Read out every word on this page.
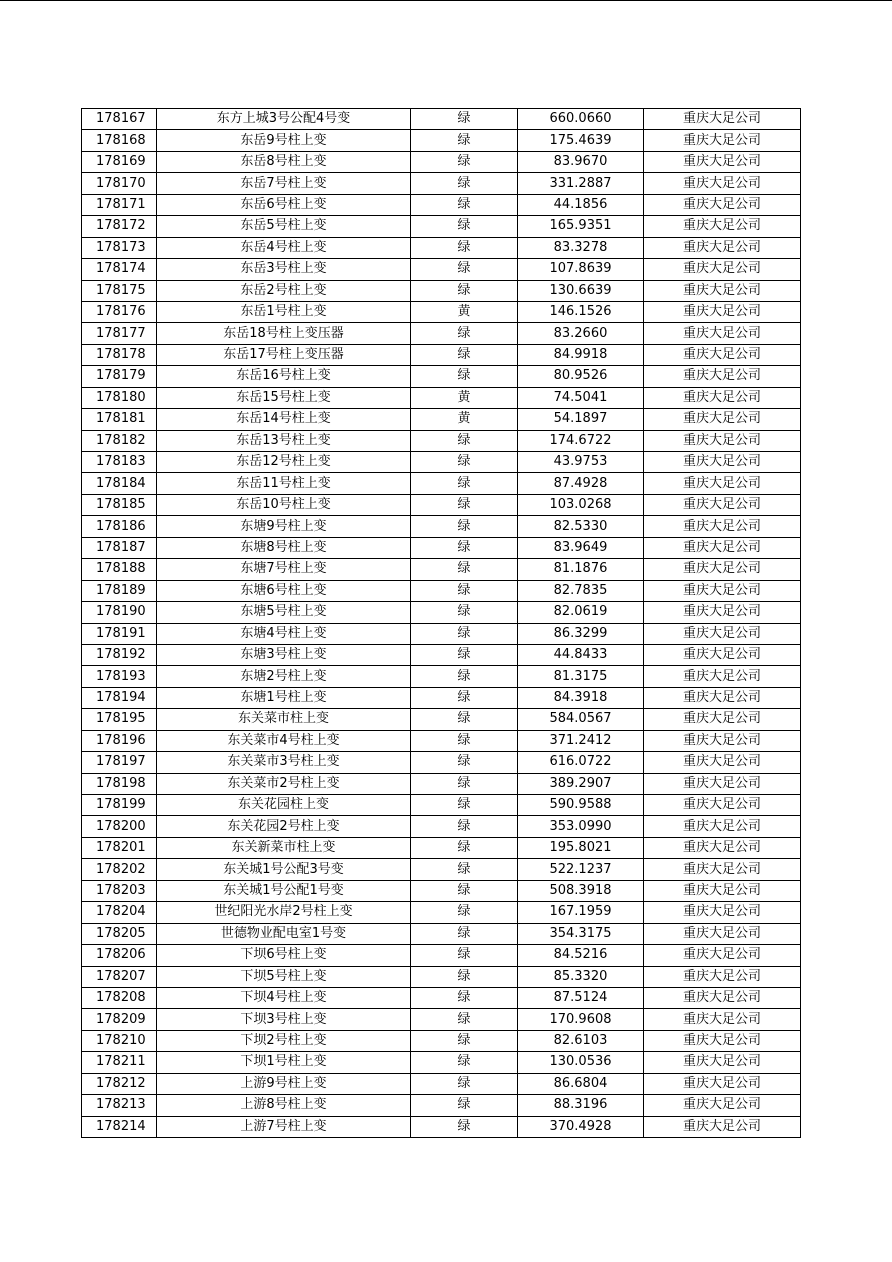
178167	东方上城3号公配4号变	绿	660.0660	重庆大足公司
178168	东岳9号柱上变	绿	175.4639	重庆大足公司
178169	东岳8号柱上变	绿	83.9670	重庆大足公司
178170	东岳7号柱上变	绿	331.2887	重庆大足公司
178171	东岳6号柱上变	绿	44.1856	重庆大足公司
178172	东岳5号柱上变	绿	165.9351	重庆大足公司
178173	东岳4号柱上变	绿	83.3278	重庆大足公司
178174	东岳3号柱上变	绿	107.8639	重庆大足公司
178175	东岳2号柱上变	绿	130.6639	重庆大足公司
178176	东岳1号柱上变	黄	146.1526	重庆大足公司
178177	东岳18号柱上变压器	绿	83.2660	重庆大足公司
178178	东岳17号柱上变压器	绿	84.9918	重庆大足公司
178179	东岳16号柱上变	绿	80.9526	重庆大足公司
178180	东岳15号柱上变	黄	74.5041	重庆大足公司
178181	东岳14号柱上变	黄	54.1897	重庆大足公司
178182	东岳13号柱上变	绿	174.6722	重庆大足公司
178183	东岳12号柱上变	绿	43.9753	重庆大足公司
178184	东岳11号柱上变	绿	87.4928	重庆大足公司
178185	东岳10号柱上变	绿	103.0268	重庆大足公司
178186	东塘9号柱上变	绿	82.5330	重庆大足公司
178187	东塘8号柱上变	绿	83.9649	重庆大足公司
178188	东塘7号柱上变	绿	81.1876	重庆大足公司
178189	东塘6号柱上变	绿	82.7835	重庆大足公司
178190	东塘5号柱上变	绿	82.0619	重庆大足公司
178191	东塘4号柱上变	绿	86.3299	重庆大足公司
178192	东塘3号柱上变	绿	44.8433	重庆大足公司
178193	东塘2号柱上变	绿	81.3175	重庆大足公司
178194	东塘1号柱上变	绿	84.3918	重庆大足公司
178195	东关菜市柱上变	绿	584.0567	重庆大足公司
178196	东关菜市4号柱上变	绿	371.2412	重庆大足公司
178197	东关菜市3号柱上变	绿	616.0722	重庆大足公司
178198	东关菜市2号柱上变	绿	389.2907	重庆大足公司
178199	东关花园柱上变	绿	590.9588	重庆大足公司
178200	东关花园2号柱上变	绿	353.0990	重庆大足公司
178201	东关新菜市柱上变	绿	195.8021	重庆大足公司
178202	东关城1号公配3号变	绿	522.1237	重庆大足公司
178203	东关城1号公配1号变	绿	508.3918	重庆大足公司
178204	世纪阳光水岸2号柱上变	绿	167.1959	重庆大足公司
178205	世德物业配电室1号变	绿	354.3175	重庆大足公司
178206	下坝6号柱上变	绿	84.5216	重庆大足公司
178207	下坝5号柱上变	绿	85.3320	重庆大足公司
178208	下坝4号柱上变	绿	87.5124	重庆大足公司
178209	下坝3号柱上变	绿	170.9608	重庆大足公司
178210	下坝2号柱上变	绿	82.6103	重庆大足公司
178211	下坝1号柱上变	绿	130.0536	重庆大足公司
178212	上游9号柱上变	绿	86.6804	重庆大足公司
178213	上游8号柱上变	绿	88.3196	重庆大足公司
178214	上游7号柱上变	绿	370.4928	重庆大足公司
